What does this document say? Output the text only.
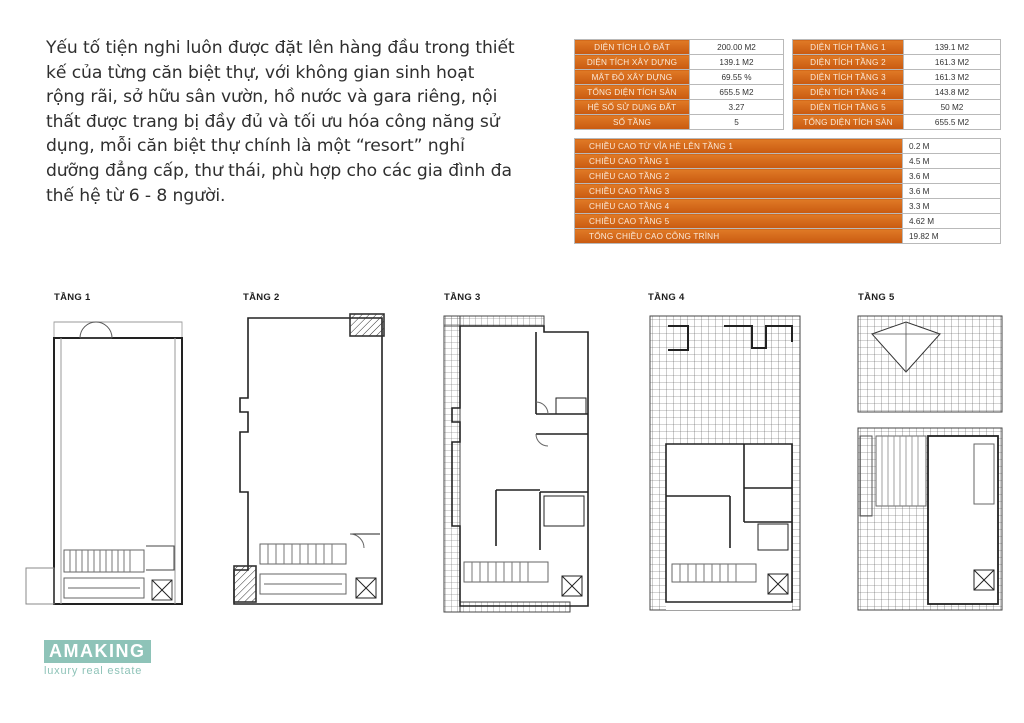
Yếu tố tiện nghi luôn được đặt lên hàng đầu trong thiết kế của từng căn biệt thự, với không gian sinh hoạt rộng rãi, sở hữu sân vườn, hồ nước và gara riêng, nội thất được trang bị đầy đủ và tối ưu hóa công năng sử dụng, mỗi căn biệt thự chính là một “resort” nghỉ dưỡng đẳng cấp, thư thái, phù hợp cho các gia đình đa thế hệ từ 6 - 8 người.
DIỆN TÍCH LÔ ĐẤT	200.00 M2
DIỆN TÍCH XÂY DỰNG	139.1 M2
MẬT ĐỘ XÂY DỰNG	69.55 %
TỔNG DIỆN TÍCH SÀN	655.5 M2
HỆ SỐ SỬ DỤNG ĐẤT	3.27
SỐ TẦNG	5
DIỆN TÍCH TẦNG 1	139.1 M2
DIỆN TÍCH TẦNG 2	161.3 M2
DIỆN TÍCH TẦNG 3	161.3 M2
DIỆN TÍCH TẦNG 4	143.8 M2
DIỆN TÍCH TẦNG 5	50 M2
TỔNG DIỆN TÍCH SÀN	655.5 M2
CHIỀU CAO TỪ VỈA HÈ LÊN TẦNG 1	0.2 M
CHIỀU CAO TẦNG 1	4.5 M
CHIỀU CAO TẦNG 2	3.6 M
CHIỀU CAO TẦNG 3	3.6 M
CHIỀU CAO TẦNG 4	3.3 M
CHIỀU CAO TẦNG 5	4.62 M
TỔNG CHIỀU CAO CÔNG TRÌNH	19.82 M
TẦNG 1	TẦNG 2	TẦNG 3	TẦNG 4	TẦNG 5
AMAKING
luxury real estate
